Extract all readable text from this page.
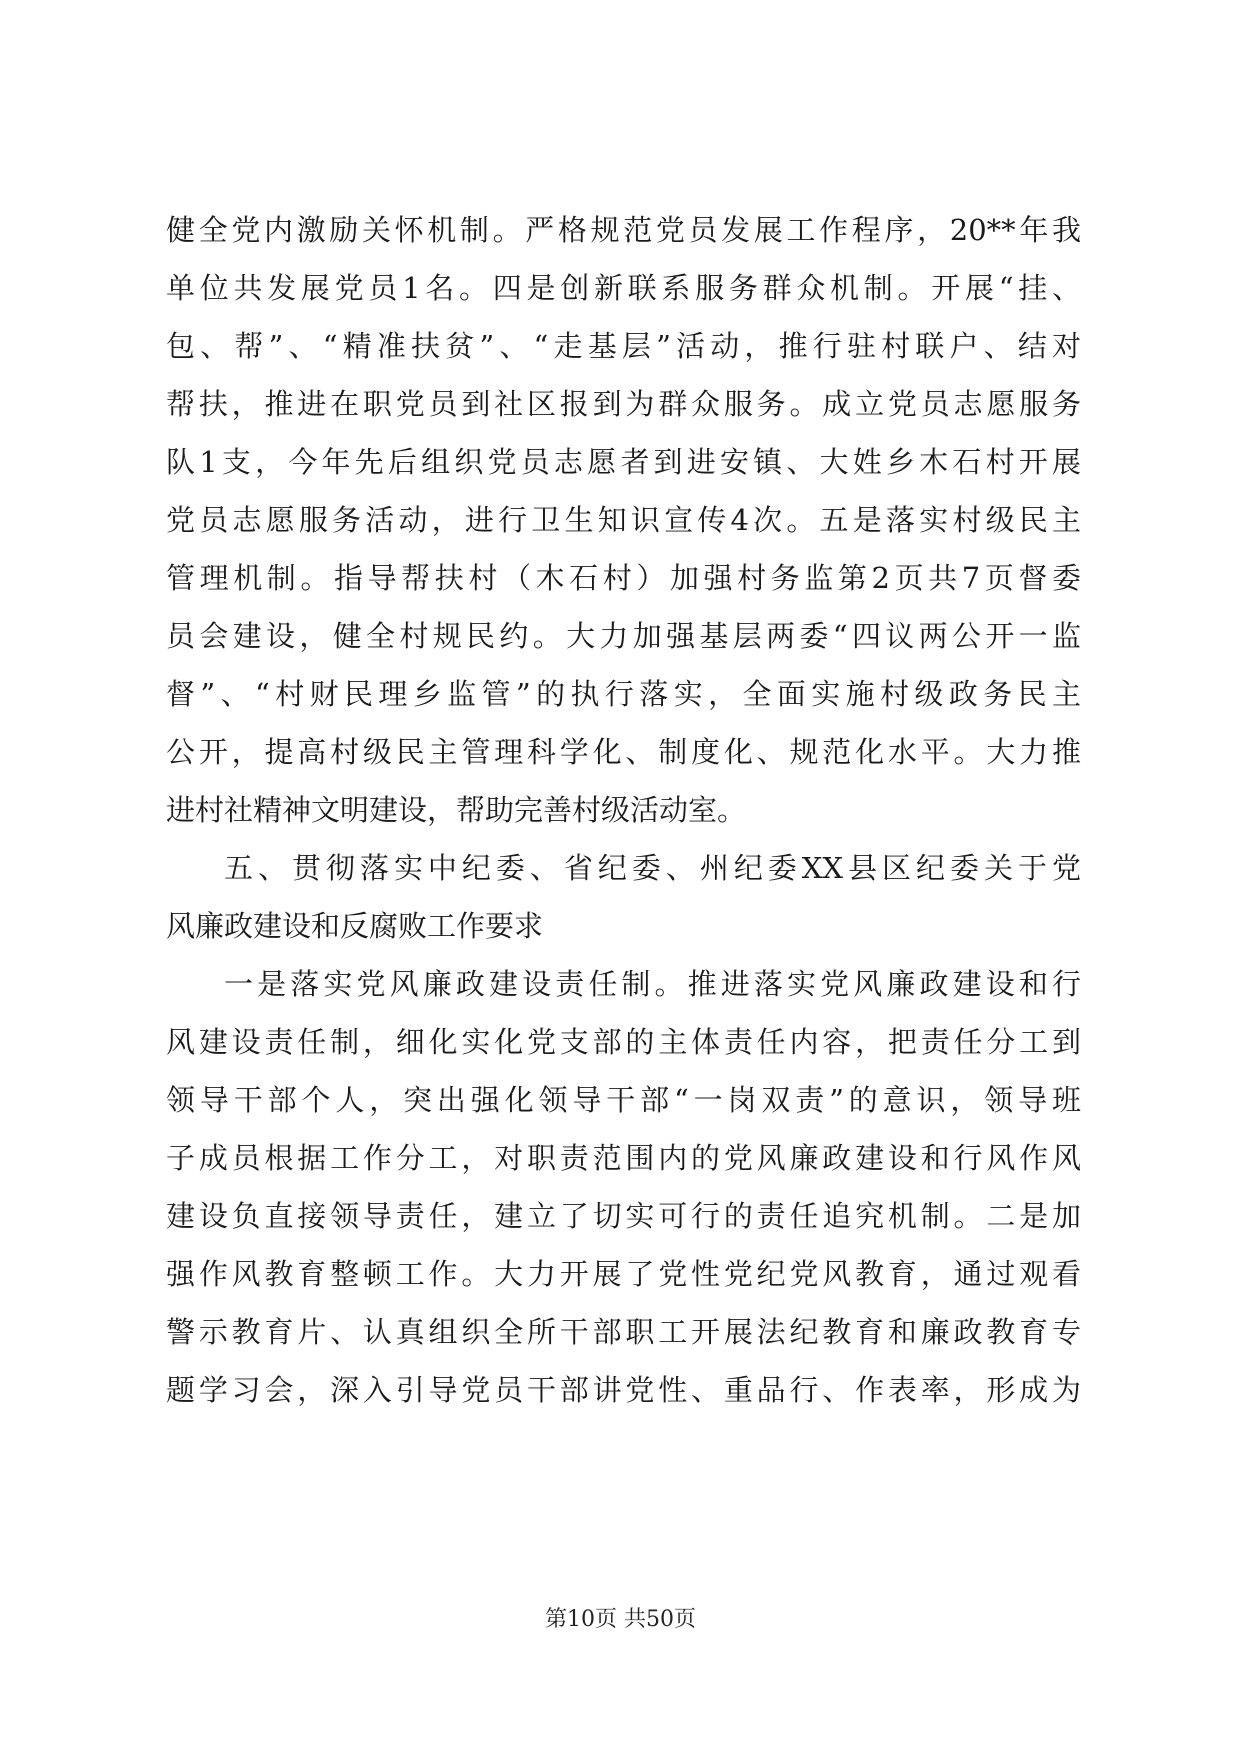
健全党内激励关怀机制。严格规范党员发展工作程序，20**年我
单位共发展党员1名。四是创新联系服务群众机制。开展“挂、
包、帮”、“精准扶贫”、“走基层”活动，推行驻村联户、结对
帮扶，推进在职党员到社区报到为群众服务。成立党员志愿服务
队1支，今年先后组织党员志愿者到进安镇、大姓乡木石村开展
党员志愿服务活动，进行卫生知识宣传4次。五是落实村级民主
管理机制。指导帮扶村（木石村）加强村务监第2页共7页督委
员会建设，健全村规民约。大力加强基层两委“四议两公开一监
督”、“村财民理乡监管”的执行落实，全面实施村级政务民主
公开，提高村级民主管理科学化、制度化、规范化水平。大力推
进村社精神文明建设，帮助完善村级活动室。
五、贯彻落实中纪委、省纪委、州纪委XX县区纪委关于党
风廉政建设和反腐败工作要求
一是落实党风廉政建设责任制。推进落实党风廉政建设和行
风建设责任制，细化实化党支部的主体责任内容，把责任分工到
领导干部个人，突出强化领导干部“一岗双责”的意识，领导班
子成员根据工作分工，对职责范围内的党风廉政建设和行风作风
建设负直接领导责任，建立了切实可行的责任追究机制。二是加
强作风教育整顿工作。大力开展了党性党纪党风教育，通过观看
警示教育片、认真组织全所干部职工开展法纪教育和廉政教育专
题学习会，深入引导党员干部讲党性、重品行、作表率，形成为
第10页 共50页
